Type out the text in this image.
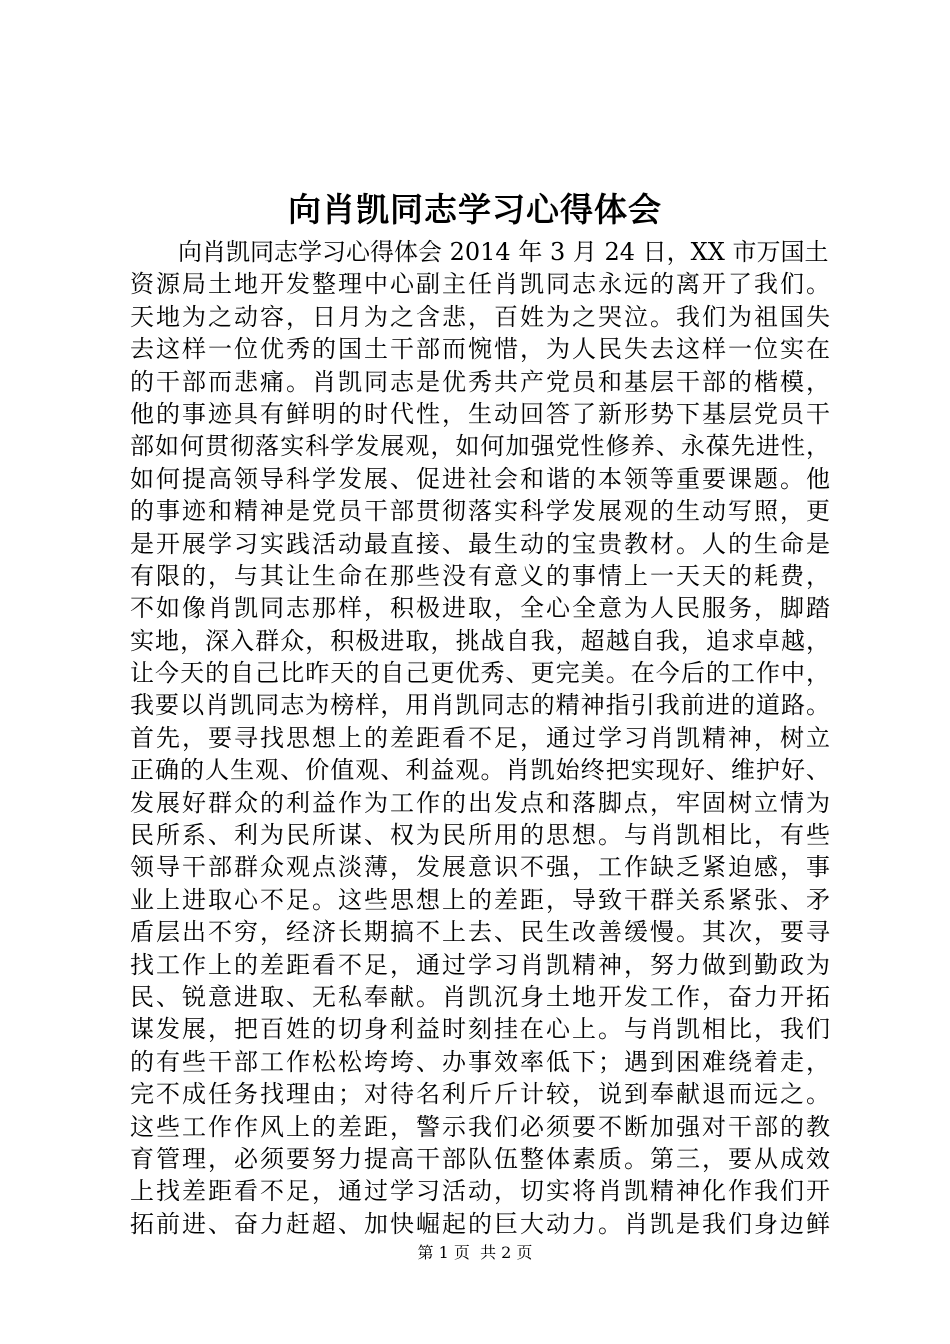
向肖凯同志学习心得体会
向肖凯同志学习心得体会 2014 年 3 月 24 日，XX 市万国土
资源局土地开发整理中心副主任肖凯同志永远的离开了我们。
天地为之动容，日月为之含悲，百姓为之哭泣。我们为祖国失
去这样一位优秀的国土干部而惋惜，为人民失去这样一位实在
的干部而悲痛。肖凯同志是优秀共产党员和基层干部的楷模，
他的事迹具有鲜明的时代性，生动回答了新形势下基层党员干
部如何贯彻落实科学发展观，如何加强党性修养、永葆先进性，
如何提高领导科学发展、促进社会和谐的本领等重要课题。他
的事迹和精神是党员干部贯彻落实科学发展观的生动写照，更
是开展学习实践活动最直接、最生动的宝贵教材。人的生命是
有限的，与其让生命在那些没有意义的事情上一天天的耗费，
不如像肖凯同志那样，积极进取，全心全意为人民服务，脚踏
实地，深入群众，积极进取，挑战自我，超越自我，追求卓越，
让今天的自己比昨天的自己更优秀、更完美。在今后的工作中，
我要以肖凯同志为榜样，用肖凯同志的精神指引我前进的道路。
首先，要寻找思想上的差距看不足，通过学习肖凯精神，树立
正确的人生观、价值观、利益观。肖凯始终把实现好、维护好、
发展好群众的利益作为工作的出发点和落脚点，牢固树立情为
民所系、利为民所谋、权为民所用的思想。与肖凯相比，有些
领导干部群众观点淡薄，发展意识不强，工作缺乏紧迫感，事
业上进取心不足。这些思想上的差距，导致干群关系紧张、矛
盾层出不穷，经济长期搞不上去、民生改善缓慢。其次，要寻
找工作上的差距看不足，通过学习肖凯精神，努力做到勤政为
民、锐意进取、无私奉献。肖凯沉身土地开发工作，奋力开拓
谋发展，把百姓的切身利益时刻挂在心上。与肖凯相比，我们
的有些干部工作松松垮垮、办事效率低下；遇到困难绕着走，
完不成任务找理由；对待名利斤斤计较，说到奉献退而远之。
这些工作作风上的差距，警示我们必须要不断加强对干部的教
育管理，必须要努力提高干部队伍整体素质。第三，要从成效
上找差距看不足，通过学习活动，切实将肖凯精神化作我们开
拓前进、奋力赶超、加快崛起的巨大动力。肖凯是我们身边鲜
第 1 页  共 2 页
